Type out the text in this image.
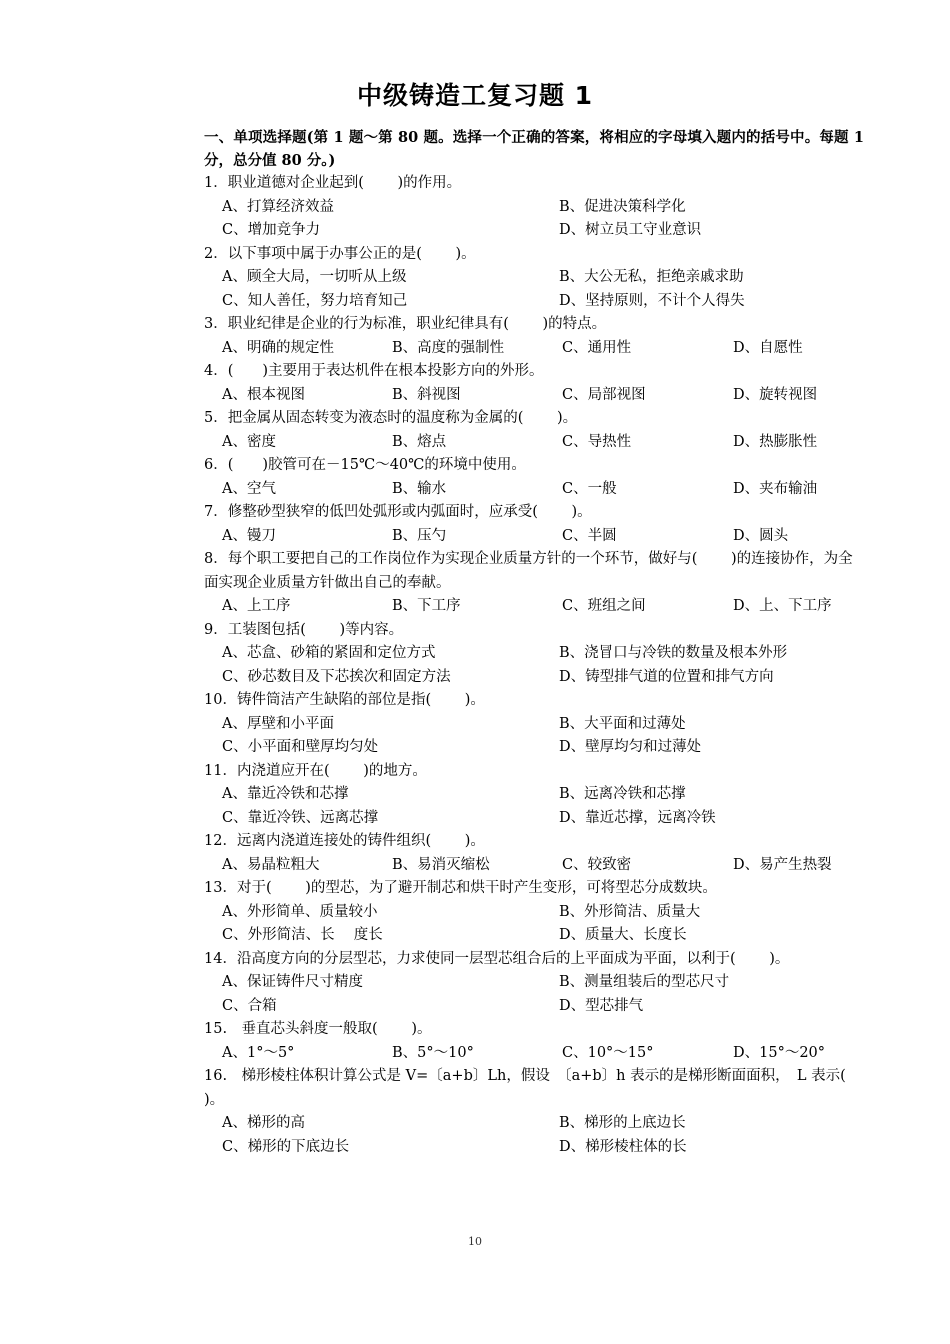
中级铸造工复习题 1
一、单项选择题(第 1 题～第 80 题。选择一个正确的答案，将相应的字母填入题内的括号中。每题 1 分，总分值 80 分。)
1．职业道德对企业起到(　　 )的作用。
A、打算经济效益	B、促进决策科学化
C、增加竞争力	D、树立员工守业意识
2．以下事项中属于办事公正的是(　　 )。
A、顾全大局，一切听从上级	B、大公无私，拒绝亲戚求助
C、知人善任，努力培育知己	D、坚持原则，不计个人得失
3．职业纪律是企业的行为标准，职业纪律具有(　　 )的特点。
A、明确的规定性	B、高度的强制性	C、通用性	D、自愿性
4．(　　)主要用于表达机件在根本投影方向的外形。
A、根本视图	B、斜视图	C、局部视图	D、旋转视图
5．把金属从固态转变为液态时的温度称为金属的(　　 )。
A、密度	B、熔点	C、导热性	D、热膨胀性
6．(　　)胶管可在－15℃～40℃的环境中使用。
A、空气	B、输水	C、一般	D、夹布输油
7．修整砂型狭窄的低凹处弧形或内弧面时，应承受(　　 )。
A、镘刀	B、压勺	C、半圆	D、圆头
8．每个职工要把自己的工作岗位作为实现企业质量方针的一个环节，做好与(　　 )的连接协作，为全面实现企业质量方针做出自己的奉献。
A、上工序	B、下工序	C、班组之间	D、上、下工序
9．工装图包括(　　 )等内容。
A、芯盒、砂箱的紧固和定位方式	B、浇冒口与冷铁的数量及根本外形
C、砂芯数目及下芯挨次和固定方法	D、铸型排气道的位置和排气方向
10．铸件筒洁产生缺陷的部位是指(　　 )。
A、厚壁和小平面	B、大平面和过薄处
C、小平面和壁厚均匀处	D、壁厚均匀和过薄处
11．内浇道应开在(　　 )的地方。
A、靠近冷铁和芯撑	B、远离冷铁和芯撑
C、靠近冷铁、远离芯撑	D、靠近芯撑，远离冷铁
12．远离内浇道连接处的铸件组织(　　 )。
A、易晶粒粗大	B、易消灭缩松	C、较致密	D、易产生热裂
13．对于(　　 )的型芯，为了避开制芯和烘干时产生变形，可将型芯分成数块。
A、外形简单、质量较小	B、外形简洁、质量大
C、外形简洁、长　 度长	D、质量大、长度长
14．沿高度方向的分层型芯，力求使同一层型芯组合后的上平面成为平面，以利于(　　 )。
A、保证铸件尺寸精度	B、测量组装后的型芯尺寸
C、合箱	D、型芯排气
15.　垂直芯头斜度一般取(　　 )。
A、1°～5°	B、5°～10°	C、10°～15°	D、15°～20°
16.　梯形棱柱体积计算公式是 V=〔a+b〕Lh，假设　〔a+b〕h 表示的是梯形断面面积，　L 表示(　　 )。
A、梯形的高	B、梯形的上底边长
C、梯形的下底边长	D、梯形棱柱体的长
10
